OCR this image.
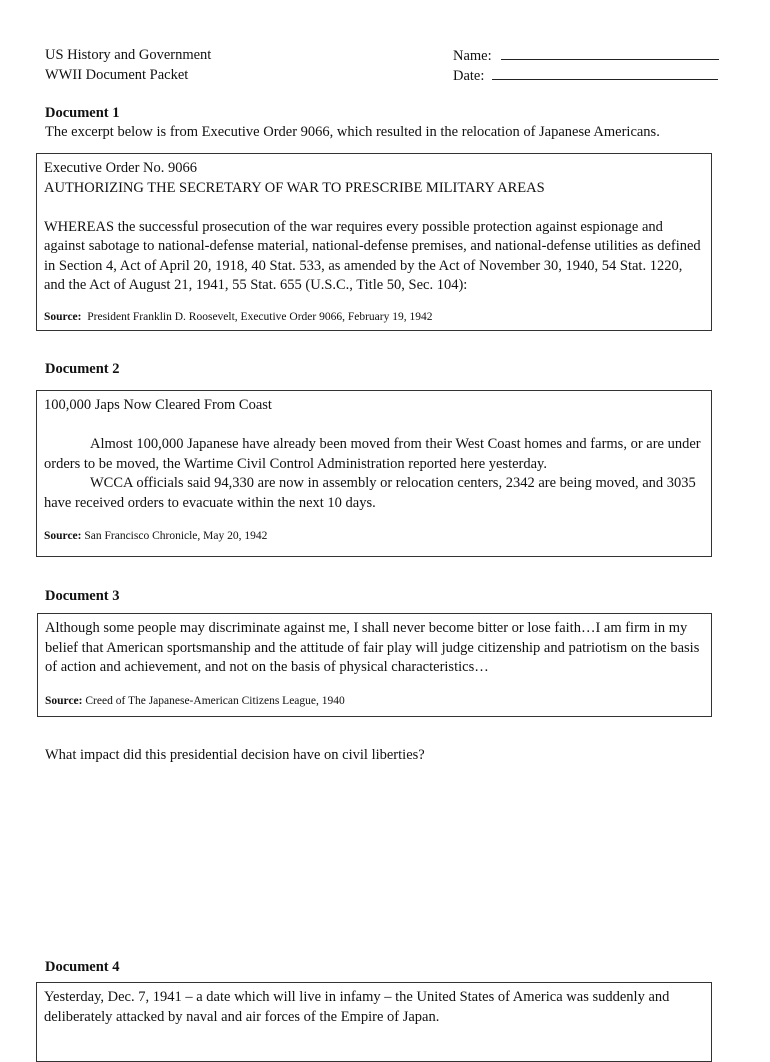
US History and Government
WWII Document Packet
Name:
Date:
Document 1
The excerpt below is from Executive Order 9066, which resulted in the relocation of Japanese Americans.

Executive Order No. 9066

AUTHORIZING THE SECRETARY OF WAR TO PRESCRIBE MILITARY AREAS

WHEREAS the successful prosecution of the war requires every possible protection against espionage and against sabotage to national-defense material, national-defense premises, and national-defense utilities as defined in Section 4, Act of April 20, 1918, 40 Stat. 533, as amended by the Act of November 30, 1940, 54 Stat. 1220, and the Act of August 21, 1941, 55 Stat. 655 (U.S.C., Title 50, Sec. 104):

Source: President Franklin D. Roosevelt, Executive Order 9066, February 19, 1942

Document 2

100,000 Japs Now Cleared From Coast

Almost 100,000 Japanese have already been moved from their West Coast homes and farms, or are under orders to be moved, the Wartime Civil Control Administration reported here yesterday.

WCCA officials said 94,330 are now in assembly or relocation centers, 2342 are being moved, and 3035 have received orders to evacuate within the next 10 days.

Source: San Francisco Chronicle, May 20, 1942

Document 3

Although some people may discriminate against me, I shall never become bitter or lose faith…I am firm in my belief that American sportsmanship and the attitude of fair play will judge citizenship and patriotism on the basis of action and achievement, and not on the basis of physical characteristics…

Source: Creed of The Japanese-American Citizens League, 1940

What impact did this presidential decision have on civil liberties?
Document 4

Yesterday, Dec. 7, 1941 – a date which will live in infamy – the United States of America was suddenly and deliberately attacked by naval and air forces of the Empire of Japan.
